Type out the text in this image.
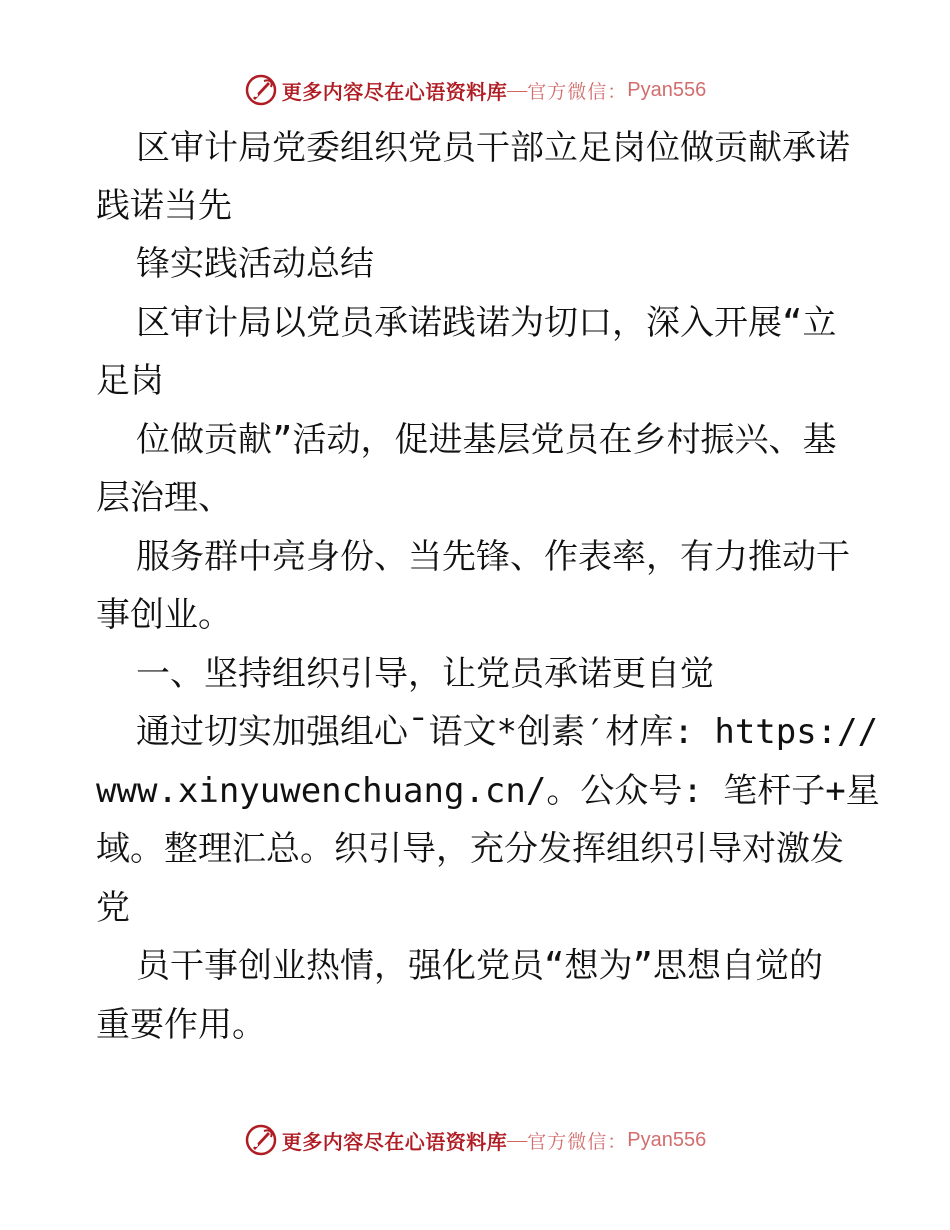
更多内容尽在心语资料库 — 官方微信： Pyan556
区审计局党委组织党员干部立足岗位做贡献承诺
践诺当先
锋实践活动总结
区审计局以党员承诺践诺为切口，深入开展“立
足岗
位做贡献”活动，促进基层党员在乡村振兴、基
层治理、
服务群中亮身份、当先锋、作表率，有力推动干
事创业。
一、坚持组织引导，让党员承诺更自觉
通过切实加强组心¯语文*创素′材库: https://
www.xinyuwenchuang.cn/。公众号: 笔杆子+星
域。整理汇总。织引导，充分发挥组织引导对激发
党
员干事创业热情，强化党员“想为”思想自觉的
重要作用。
更多内容尽在心语资料库 — 官方微信： Pyan556
